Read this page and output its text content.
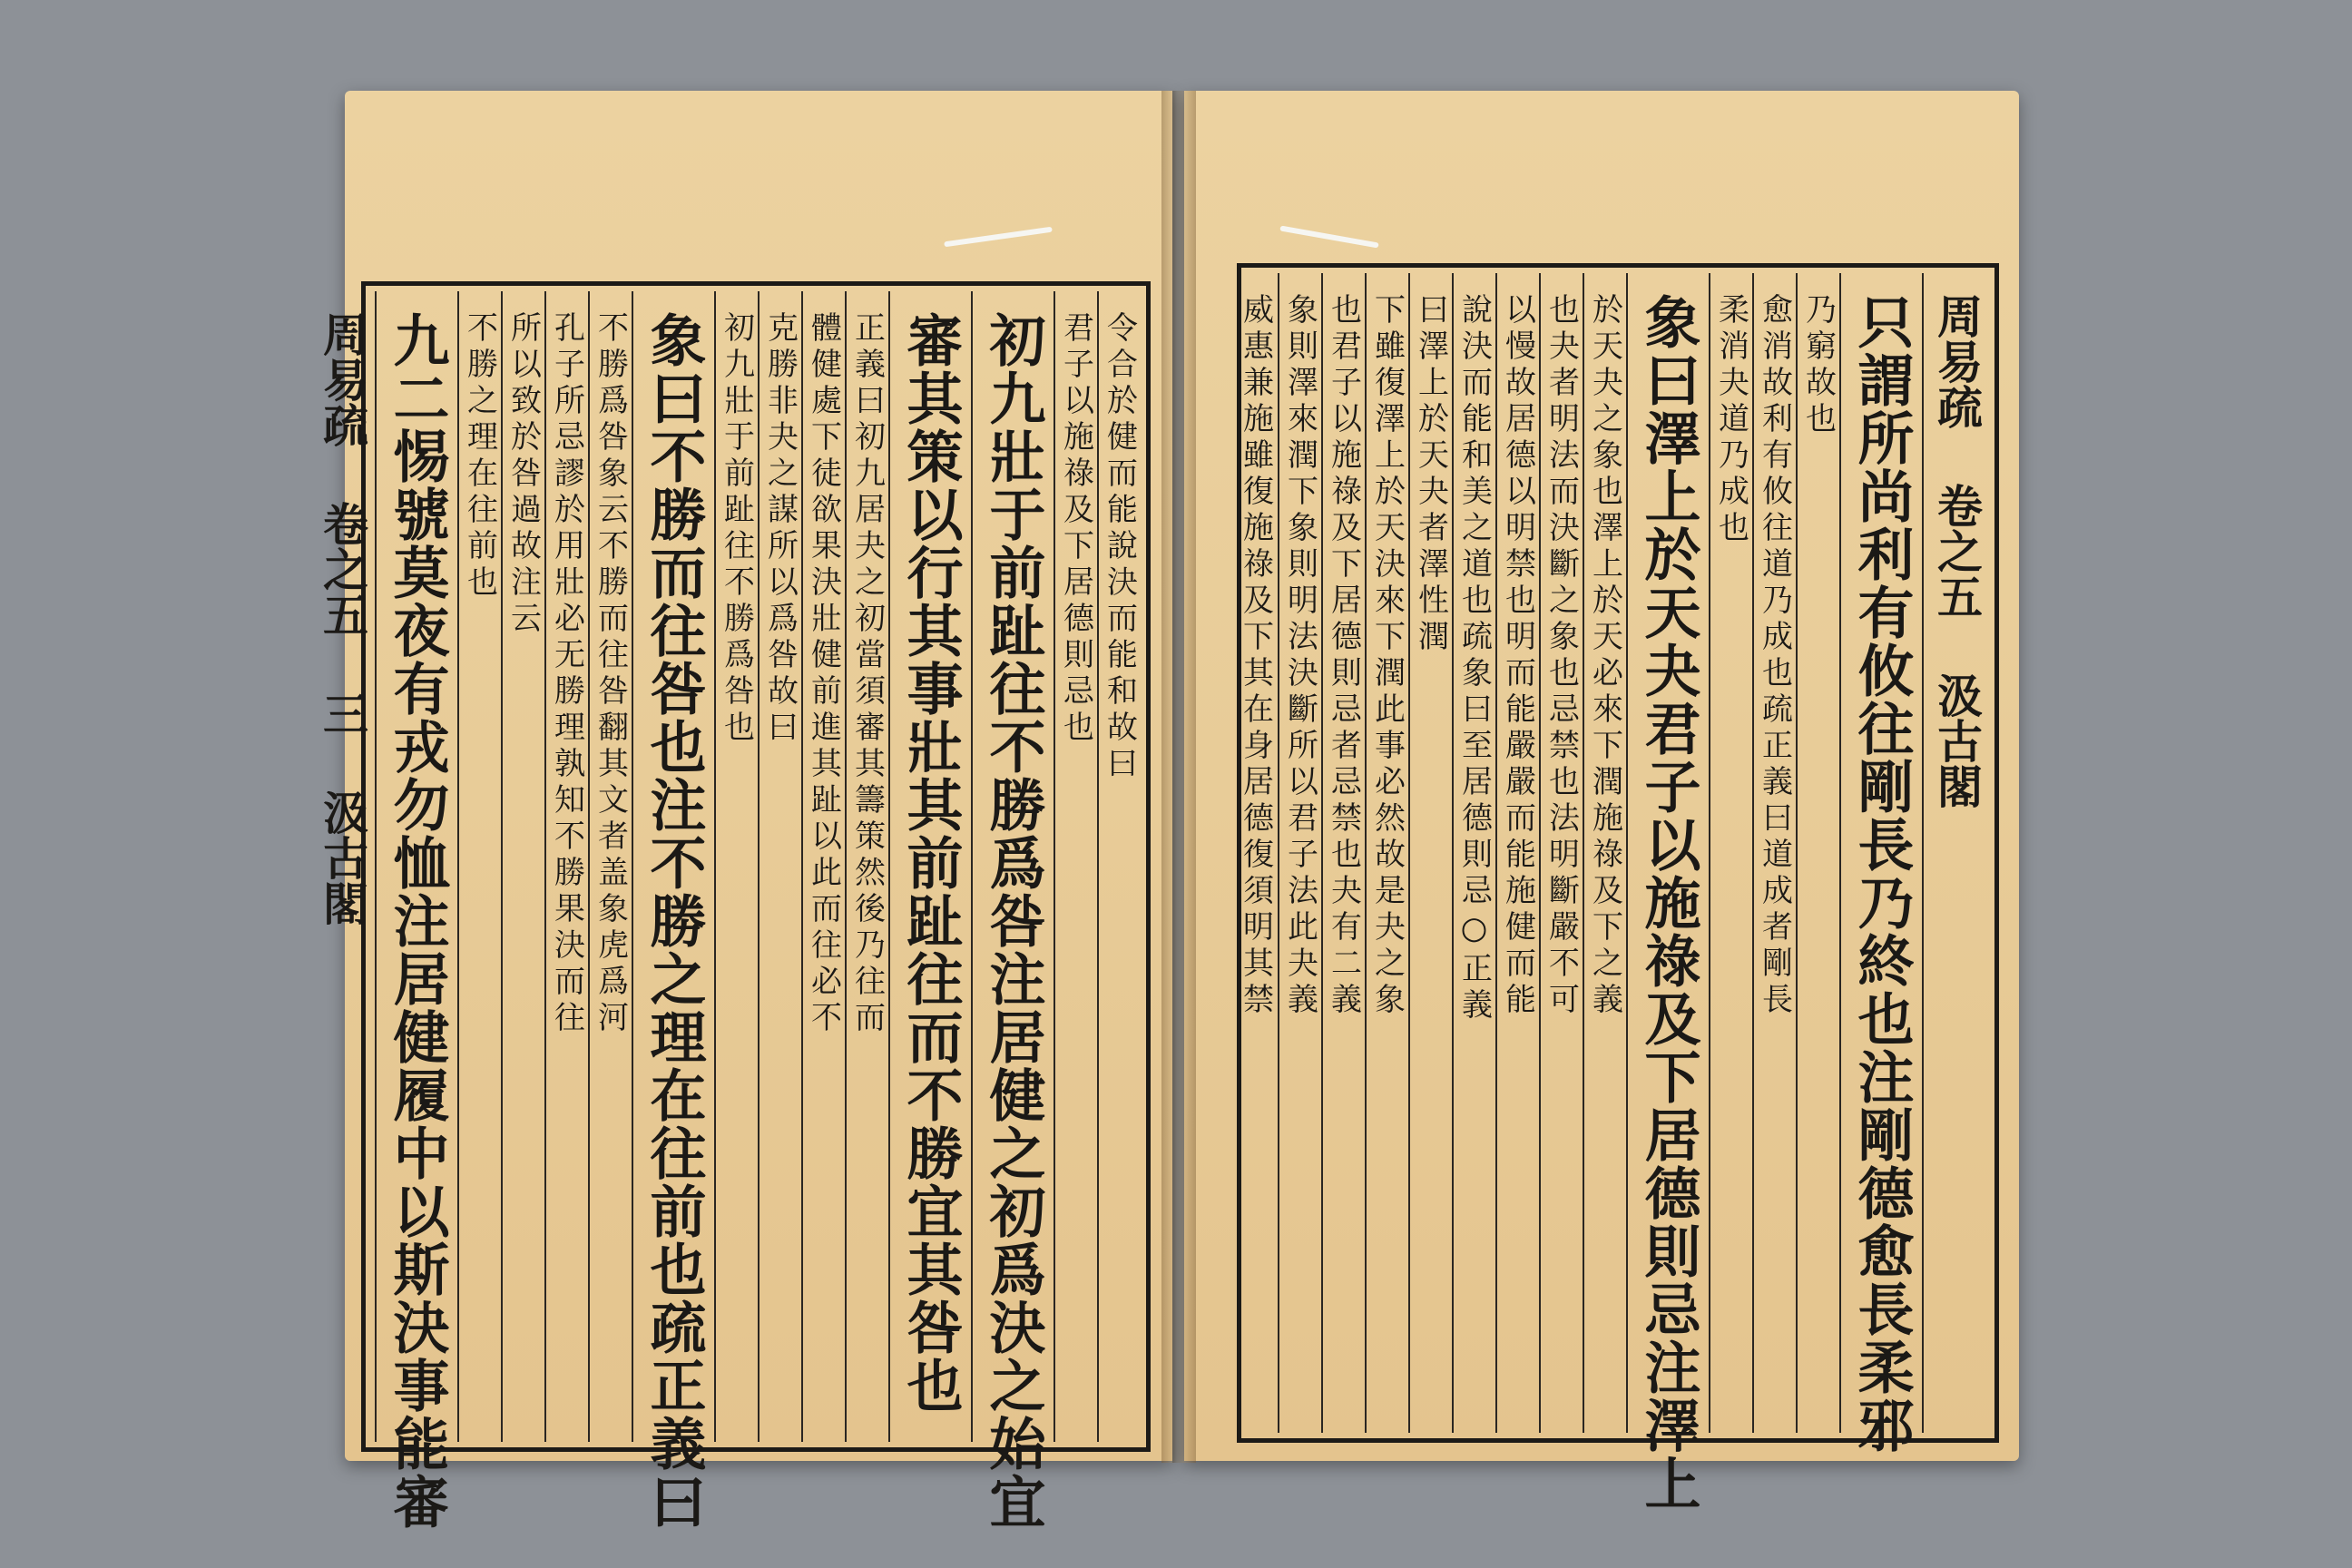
令合於健而能說決而能和故曰
君子以施祿及下居德則忌也
初九壯于前趾往不勝爲咎注居健之初爲決之始宜
審其策以行其事壯其前趾往而不勝宜其咎也
正義曰初九居夬之初當須審其籌策然後乃往而
體健處下徒欲果決壯健前進其趾以此而往必不
克勝非夬之謀所以爲咎故曰
初九壯于前趾往不勝爲咎也
象曰不勝而往咎也注不勝之理在往前也疏正義曰
不勝爲咎象云不勝而往咎翻其文者盖象虎爲河
孔子所忌謬於用壯必无勝理孰知不勝果決而往
所以致於咎過故注云
不勝之理在往前也
九二惕號莫夜有戎勿恤注居健履中以斯決事能審
周易疏 卷之五 三 汲古閣	周易疏 卷之五 汲古閣
只謂所尚利有攸往剛長乃終也注剛德愈長柔邪
乃窮故也
愈消故利有攸往道乃成也疏正義曰道成者剛長
柔消夬道乃成也
象曰澤上於天夬君子以施祿及下居德則忌注澤上
於天夬之象也澤上於天必來下潤施祿及下之義
也夬者明法而決斷之象也忌禁也法明斷嚴不可
以慢故居德以明禁也明而能嚴嚴而能施健而能
說決而能和美之道也疏象曰至居德則忌○正義
曰澤上於天夬者澤性潤
下雖復澤上於天決來下潤此事必然故是夬之象
也君子以施祿及下居德則忌者忌禁也夬有二義
象則澤來潤下象則明法決斷所以君子法此夬義
威惠兼施雖復施祿及下其在身居德復須明其禁
